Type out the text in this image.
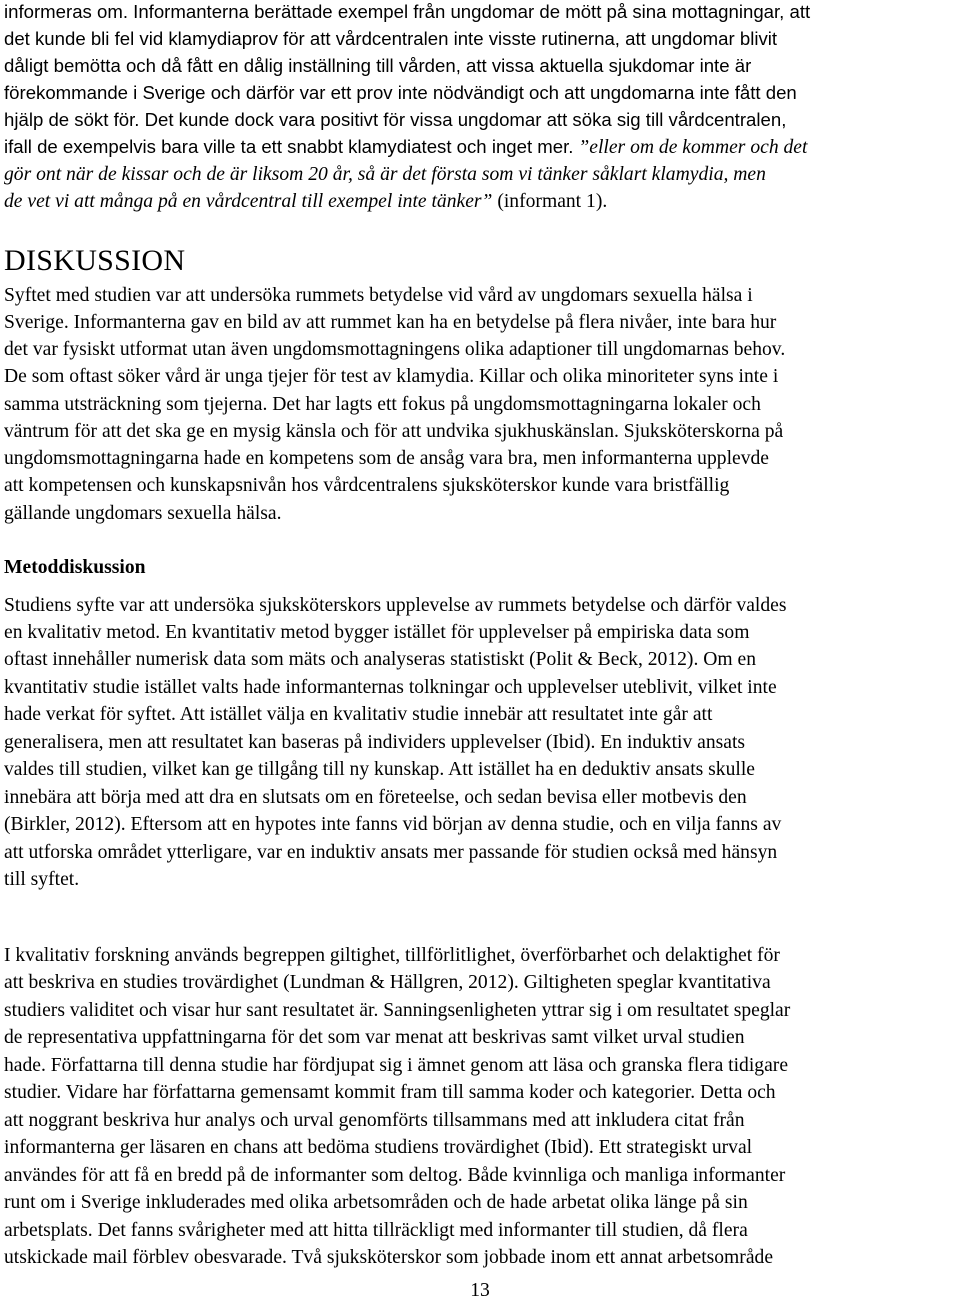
informeras om. Informanterna berättade exempel från ungdomar de mött på sina mottagningar, att
det kunde bli fel vid klamydiaprov för att vårdcentralen inte visste rutinerna, att ungdomar blivit
dåligt bemötta och då fått en dålig inställning till vården, att vissa aktuella sjukdomar inte är
förekommande i Sverige och därför var ett prov inte nödvändigt och att ungdomarna inte fått den
hjälp de sökt för. Det kunde dock vara positivt för vissa ungdomar att söka sig till vårdcentralen,
ifall de exempelvis bara ville ta ett snabbt klamydiatest och inget mer. ”eller om de kommer och det
gör ont när de kissar och de är liksom 20 år, så är det första som vi tänker såklart klamydia, men
de vet vi att många på en vårdcentral till exempel inte tänker” (informant 1).
DISKUSSION
Syftet med studien var att undersöka rummets betydelse vid vård av ungdomars sexuella hälsa i
Sverige. Informanterna gav en bild av att rummet kan ha en betydelse på flera nivåer, inte bara hur
det var fysiskt utformat utan även ungdomsmottagningens olika adaptioner till ungdomarnas behov.
De som oftast söker vård är unga tjejer för test av klamydia. Killar och olika minoriteter syns inte i
samma utsträckning som tjejerna. Det har lagts ett fokus på ungdomsmottagningarna lokaler och
väntrum för att det ska ge en mysig känsla och för att undvika sjukhuskänslan. Sjuksköterskorna på
ungdomsmottagningarna hade en kompetens som de ansåg vara bra, men informanterna upplevde
att kompetensen och kunskapsnivån hos vårdcentralens sjuksköterskor kunde vara bristfällig
gällande ungdomars sexuella hälsa.
Metoddiskussion
Studiens syfte var att undersöka sjuksköterskors upplevelse av rummets betydelse och därför valdes
en kvalitativ metod. En kvantitativ metod bygger istället för upplevelser på empiriska data som
oftast innehåller numerisk data som mäts och analyseras statistiskt (Polit & Beck, 2012). Om en
kvantitativ studie istället valts hade informanternas tolkningar och upplevelser uteblivit, vilket inte
hade verkat för syftet. Att istället välja en kvalitativ studie innebär att resultatet inte går att
generalisera, men att resultatet kan baseras på individers upplevelser (Ibid). En induktiv ansats
valdes till studien, vilket kan ge tillgång till ny kunskap. Att istället ha en deduktiv ansats skulle
innebära att börja med att dra en slutsats om en företeelse, och sedan bevisa eller motbevis den
(Birkler, 2012). Eftersom att en hypotes inte fanns vid början av denna studie, och en vilja fanns av
att utforska området ytterligare, var en induktiv ansats mer passande för studien också med hänsyn
till syftet.
I kvalitativ forskning används begreppen giltighet, tillförlitlighet, överförbarhet och delaktighet för
att beskriva en studies trovärdighet (Lundman & Hällgren, 2012). Giltigheten speglar kvantitativa
studiers validitet och visar hur sant resultatet är. Sanningsenligheten yttrar sig i om resultatet speglar
de representativa uppfattningarna för det som var menat att beskrivas samt vilket urval studien
hade. Författarna till denna studie har fördjupat sig i ämnet genom att läsa och granska flera tidigare
studier. Vidare har författarna gemensamt kommit fram till samma koder och kategorier. Detta och
att noggrant beskriva hur analys och urval genomförts tillsammans med att inkludera citat från
informanterna ger läsaren en chans att bedöma studiens trovärdighet (Ibid). Ett strategiskt urval
användes för att få en bredd på de informanter som deltog. Både kvinnliga och manliga informanter
runt om i Sverige inkluderades med olika arbetsområden och de hade arbetat olika länge på sin
arbetsplats. Det fanns svårigheter med att hitta tillräckligt med informanter till studien, då flera
utskickade mail förblev obesvarade. Två sjuksköterskor som jobbade inom ett annat arbetsområde
13
